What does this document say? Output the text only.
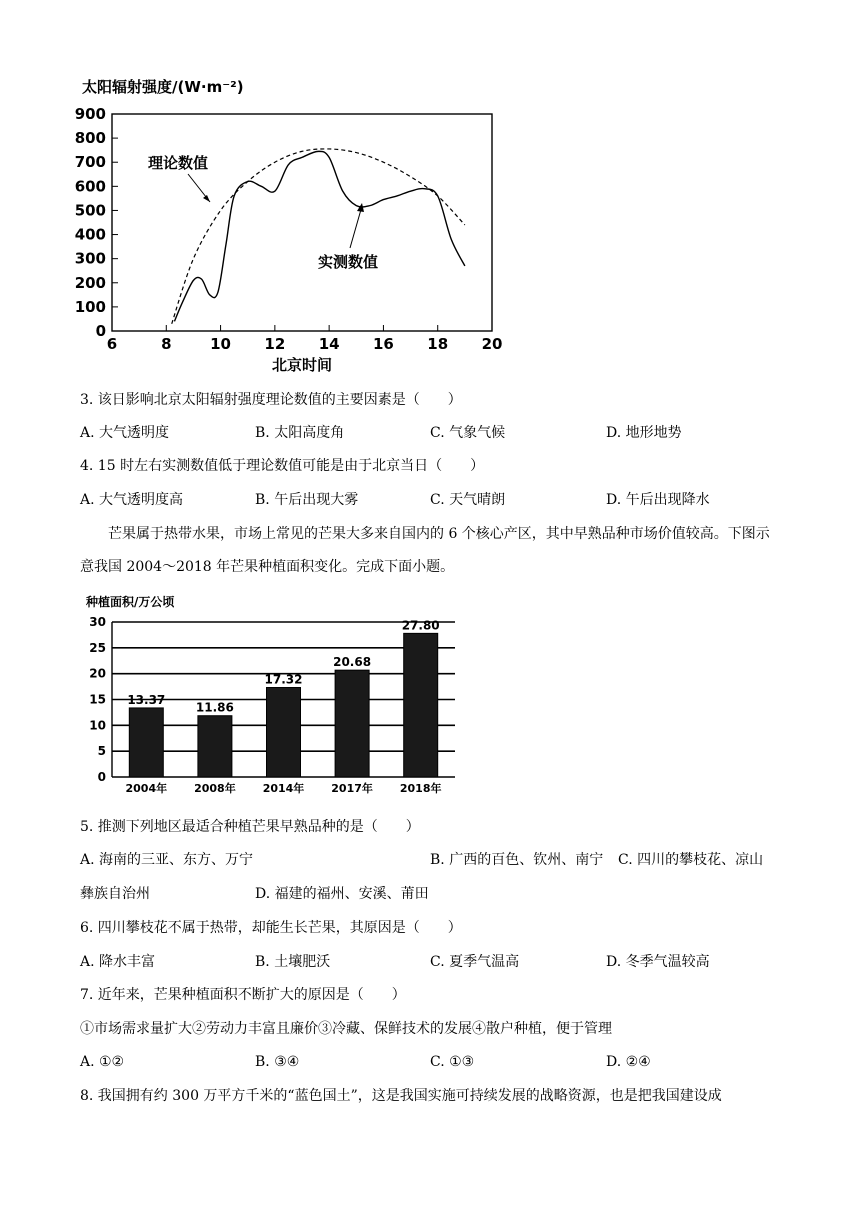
太阳辐射强度/(W·m⁻²)
0
100
200
300
400
500
600
700
800
900
6	8	10 12 14 16 18 20
理论数值
实测数值
北京时间
3. 该日影响北京太阳辐射强度理论数值的主要因素是（　　）
A. 大气透明度	B. 太阳高度角	C. 气象气候	D. 地形地势
4. 15 时左右实测数值低于理论数值可能是由于北京当日（　　）
A. 大气透明度高	B. 午后出现大雾	C. 天气晴朗	D. 午后出现降水
芒果属于热带水果，市场上常见的芒果大多来自国内的 6 个核心产区，其中早熟品种市场价值较高。下图示意我国 2004～2018 年芒果种植面积变化。完成下面小题。
种植面积/万公顷
0
5
10
15
20
25
30
13.37
2004年
11.86
2008年
17.32
2014年
20.68
2017年
27.80
2018年
5. 推测下列地区最适合种植芒果早熟品种的是（　　）
A. 海南的三亚、东方、万宁	B. 广西的百色、钦州、南宁 C. 四川的攀枝花、凉山
彝族自治州	D. 福建的福州、安溪、莆田
6. 四川攀枝花不属于热带，却能生长芒果，其原因是（　　）
A. 降水丰富	B. 土壤肥沃	C. 夏季气温高	D. 冬季气温较高
7. 近年来，芒果种植面积不断扩大的原因是（　　）
①市场需求量扩大②劳动力丰富且廉价③冷藏、保鲜技术的发展④散户种植，便于管理
A. ①②	B. ③④	C. ①③	D. ②④
8. 我国拥有约 300 万平方千米的“蓝色国土”，这是我国实施可持续发展的战略资源，也是把我国建设成
